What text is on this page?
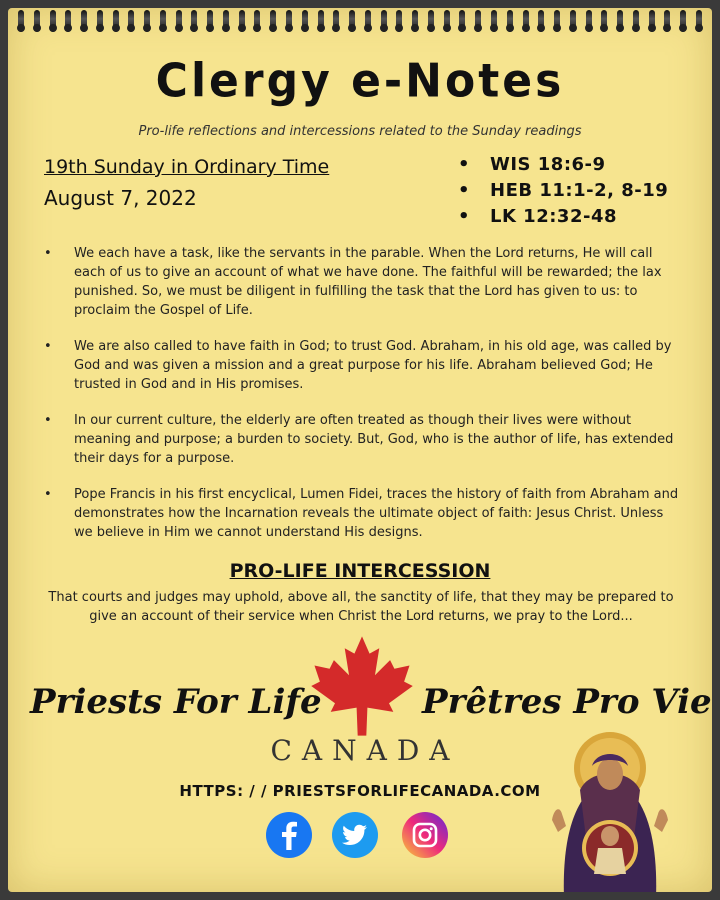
Clergy e-Notes
Pro-life reflections and intercessions related to the Sunday readings
19th Sunday in Ordinary Time
August 7, 2022
• WIS 18:6-9
• HEB 11:1-2, 8-19
• LK 12:32-48
• We each have a task, like the servants in the parable. When the Lord returns, He will call each of us to give an account of what we have done. The faithful will be rewarded; the lax punished. So, we must be diligent in fulfilling the task that the Lord has given to us: to proclaim the Gospel of Life.
• We are also called to have faith in God; to trust God. Abraham, in his old age, was called by God and was given a mission and a great purpose for his life. Abraham believed God; He trusted in God and in His promises.
• In our current culture, the elderly are often treated as though their lives were without meaning and purpose; a burden to society. But, God, who is the author of life, has extended their days for a purpose.
• Pope Francis in his first encyclical, Lumen Fidei, traces the history of faith from Abraham and demonstrates how the Incarnation reveals the ultimate object of faith: Jesus Christ. Unless we believe in Him we cannot understand His designs.
PRO-LIFE INTERCESSION
That courts and judges may uphold, above all, the sanctity of life, that they may be prepared to give an account of their service when Christ the Lord returns, we pray to the Lord...
Priests For Life	Prêtres Pro Vie
CANADA
HTTPS: / / PRIESTSFORLIFECANADA.COM
